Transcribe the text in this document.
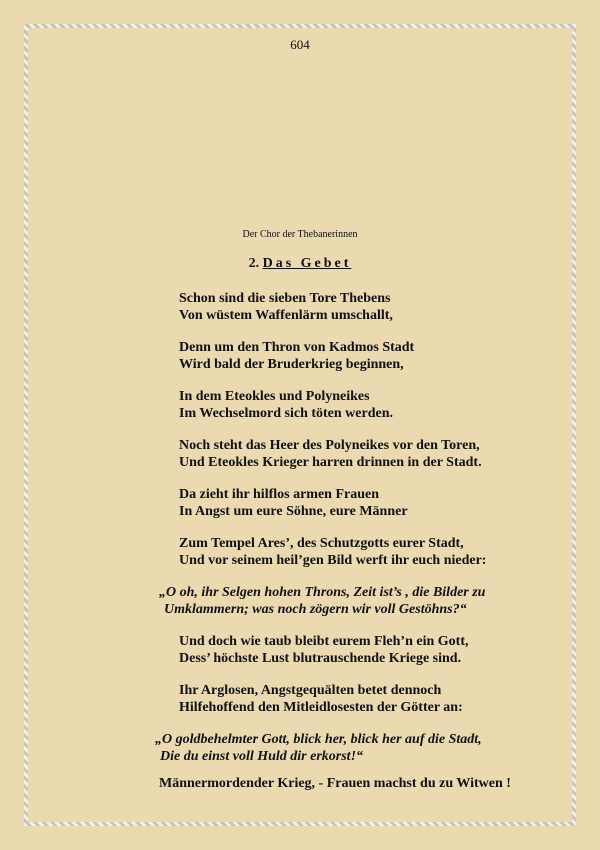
604
Der Chor der Thebanerinnen
2. Das Gebet
Schon sind die sieben Tore Thebens
Von wüstem Waffenlärm umschallt,
Denn um den Thron von Kadmos Stadt
Wird bald der Bruderkrieg beginnen,
In dem Eteokles und Polyneikes
Im Wechselmord sich töten werden.
Noch steht das Heer des Polyneikes vor den Toren,
Und Eteokles Krieger harren drinnen in der Stadt.
Da zieht ihr hilflos armen Frauen
In Angst um eure Söhne, eure Männer
Zum Tempel Ares’, des Schutzgotts eurer Stadt,
Und vor seinem heil’gen Bild werft ihr euch nieder:
„O oh, ihr Selgen hohen Throns, Zeit ist’s , die Bilder zu
Umklammern; was noch zögern wir voll Gestöhns?“
Und doch wie taub bleibt eurem Fleh’n ein Gott,
Dess’ höchste Lust blutrauschende Kriege sind.
Ihr Arglosen, Angstgequälten betet dennoch
Hilfehoffend den Mitleidlosesten der Götter an:
„O goldbehelmter Gott, blick her, blick her auf die Stadt,
Die du einst voll Huld dir erkorst!“
Männermordender Krieg, - Frauen machst du zu Witwen !
